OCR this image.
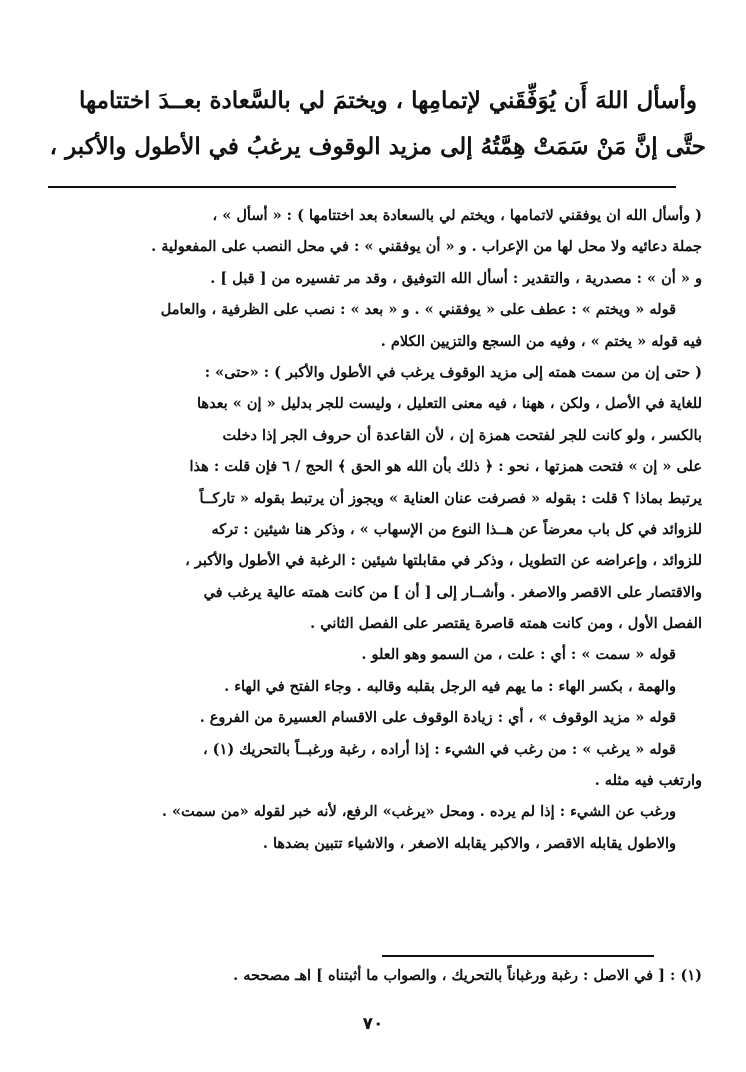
وأسأل اللهَ أَن يُوَفِّقَني لإتمامِها ، ويختمَ لي بالسَّعادة بعــدَ اختتامها
حتَّى إنَّ مَنْ سَمَتْ هِمَّتُهُ إلى مزيد الوقوف يرغبُ في الأطول والأكبر ،
( وأسأل الله ان يوفقني لاتمامها ، ويختم لي بالسعادة بعد اختتامها ) : « أسأل » ،
جملة دعائيه ولا محل لها من الإعراب . و « أن يوفقني » : في محل النصب على المفعولية .
و « أن » : مصدرية ، والتقدير : أسأل الله التوفيق ، وقد مر تفسيره من [ قبل ] .
قوله « ويختم » : عطف على « يوفقني » . و « بعد » : نصب على الظرفية ، والعامل
فيه قوله « يختم » ، وفيه من السجع والتزيين الكلام .
( حتى إن من سمت همته إلى مزيد الوقوف يرغب في الأطول والأكبر ) : «حتى» :
للغاية في الأصل ، ولكن ، ههنا ، فيه معنى التعليل ، وليست للجر بدليل « إن » بعدها
بالكسر ، ولو كانت للجر لفتحت همزة إن ، لأن القاعدة أن حروف الجر إذا دخلت
على « إن » فتحت همزتها ، نحو : ﴿ ذلك بأن الله هو الحق ﴾ الحج / ٦ فإن قلت : هذا
يرتبط بماذا ؟ قلت : بقوله « فصرفت عنان العناية » ويجوز أن يرتبط بقوله « تاركــاً
للزوائد في كل باب معرضاً عن هــذا النوع من الإسهاب » ، وذكر هنا شيئين : تركه
للزوائد ، وإعراضه عن التطويل ، وذكر في مقابلتها شيئين : الرغبة في الأطول والأكبر ،
والاقتصار على الاقصر والاصغر . وأشــار إلى [ أن ] من كانت همته عالية يرغب في
الفصل الأول ، ومن كانت همته قاصرة يقتصر على الفصل الثاني .
قوله « سمت » : أي : علت ، من السمو وهو العلو .
والهمة ، بكسر الهاء : ما يهم فيه الرجل بقلبه وقالبه . وجاء الفتح في الهاء .
قوله « مزيد الوقوف » ، أي : زيادة الوقوف على الاقسام العسيرة من الفروع .
قوله « يرغب » : من رغب في الشيء : إذا أراده ، رغبة ورغبــاً بالتحريك (١) ،
وارتغب فيه مثله .
ورغب عن الشيء : إذا لم يرده . ومحل «يرغب» الرفع، لأنه خبر لقوله «من سمت» .
والاطول يقابله الاقصر ، والاكبر يقابله الاصغر ، والاشياء تتبين بضدها .
(١) : [ في الاصل : رغبة ورغباناً بالتحريك ، والصواب ما أثبتناه ] اهـ مصححه .
٧٠
